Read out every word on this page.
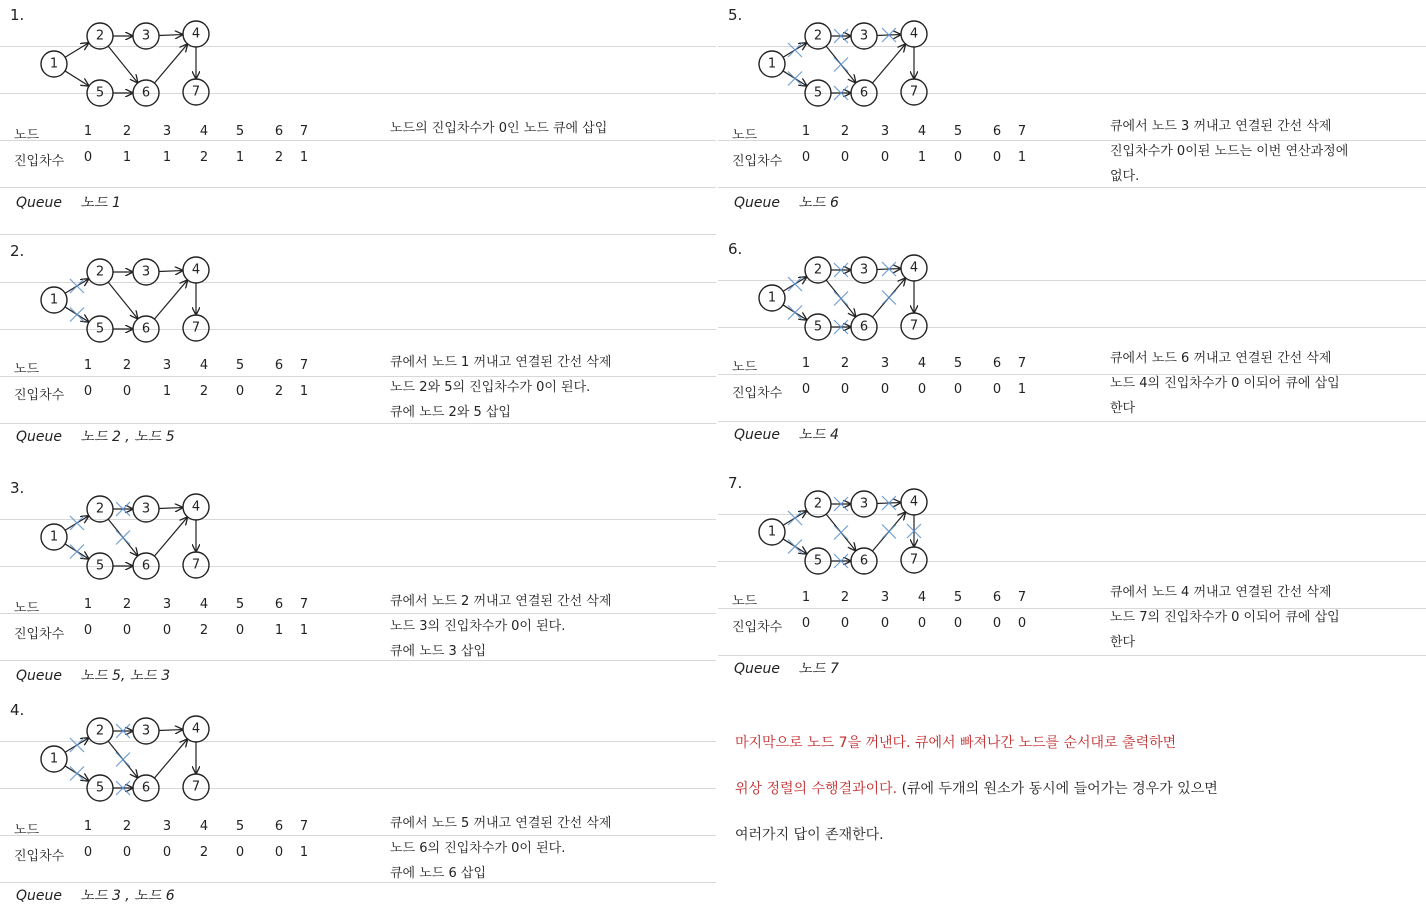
1.
1
2	3	4
5	6	7
노드	1	2	3	4	5	6	7
진입차수	0	1	1	2	1	2	1
Queue 노드 1
노드의 진입차수가 0인 노드 큐에 삽입
2.
1
2	3	4
5	6	7
노드	1	2	3	4	5	6	7
진입차수	0	0	1	2	0	2	1
Queue 노드 2 , 노드 5
큐에서 노드 1 꺼내고 연결된 간선 삭제
노드 2와 5의 진입차수가 0이 된다.
큐에 노드 2와 5 삽입
3.
1
2	3	4
5	6	7
노드	1	2	3	4	5	6	7
진입차수	0	0	0	2	0	1	1
Queue 노드 5, 노드 3
큐에서 노드 2 꺼내고 연결된 간선 삭제
노드 3의 진입차수가 0이 된다.
큐에 노드 3 삽입
4.
1
2	3	4
5	6	7
노드	1	2	3	4	5	6	7
진입차수	0	0	0	2	0	0	1
Queue 노드 3 , 노드 6
큐에서 노드 5 꺼내고 연결된 간선 삭제
노드 6의 진입차수가 0이 된다.
큐에 노드 6 삽입
5.
1
2	3	4
5	6	7
노드	1	2	3	4	5	6	7
진입차수	0	0	0	1	0	0	1
Queue 노드 6
큐에서 노드 3 꺼내고 연결된 간선 삭제
진입차수가 0이된 노드는 이번 연산과정에
없다.
6.
1
2	3	4
5	6	7
노드	1	2	3	4	5	6	7
진입차수	0	0	0	0	0	0	1
Queue 노드 4
큐에서 노드 6 꺼내고 연결된 간선 삭제
노드 4의 진입차수가 0 이되어 큐에 삽입
한다
7.
1
2	3	4
5	6	7
노드	1	2	3	4	5	6	7
진입차수	0	0	0	0	0	0	0
Queue 노드 7
큐에서 노드 4 꺼내고 연결된 간선 삭제
노드 7의 진입차수가 0 이되어 큐에 삽입
한다
마지막으로 노드 7을 꺼낸다. 큐에서 빠져나간 노드를 순서대로 출력하면
위상 정렬의 수행결과이다. (큐에 두개의 원소가 동시에 들어가는 경우가 있으면
여러가지 답이 존재한다.
